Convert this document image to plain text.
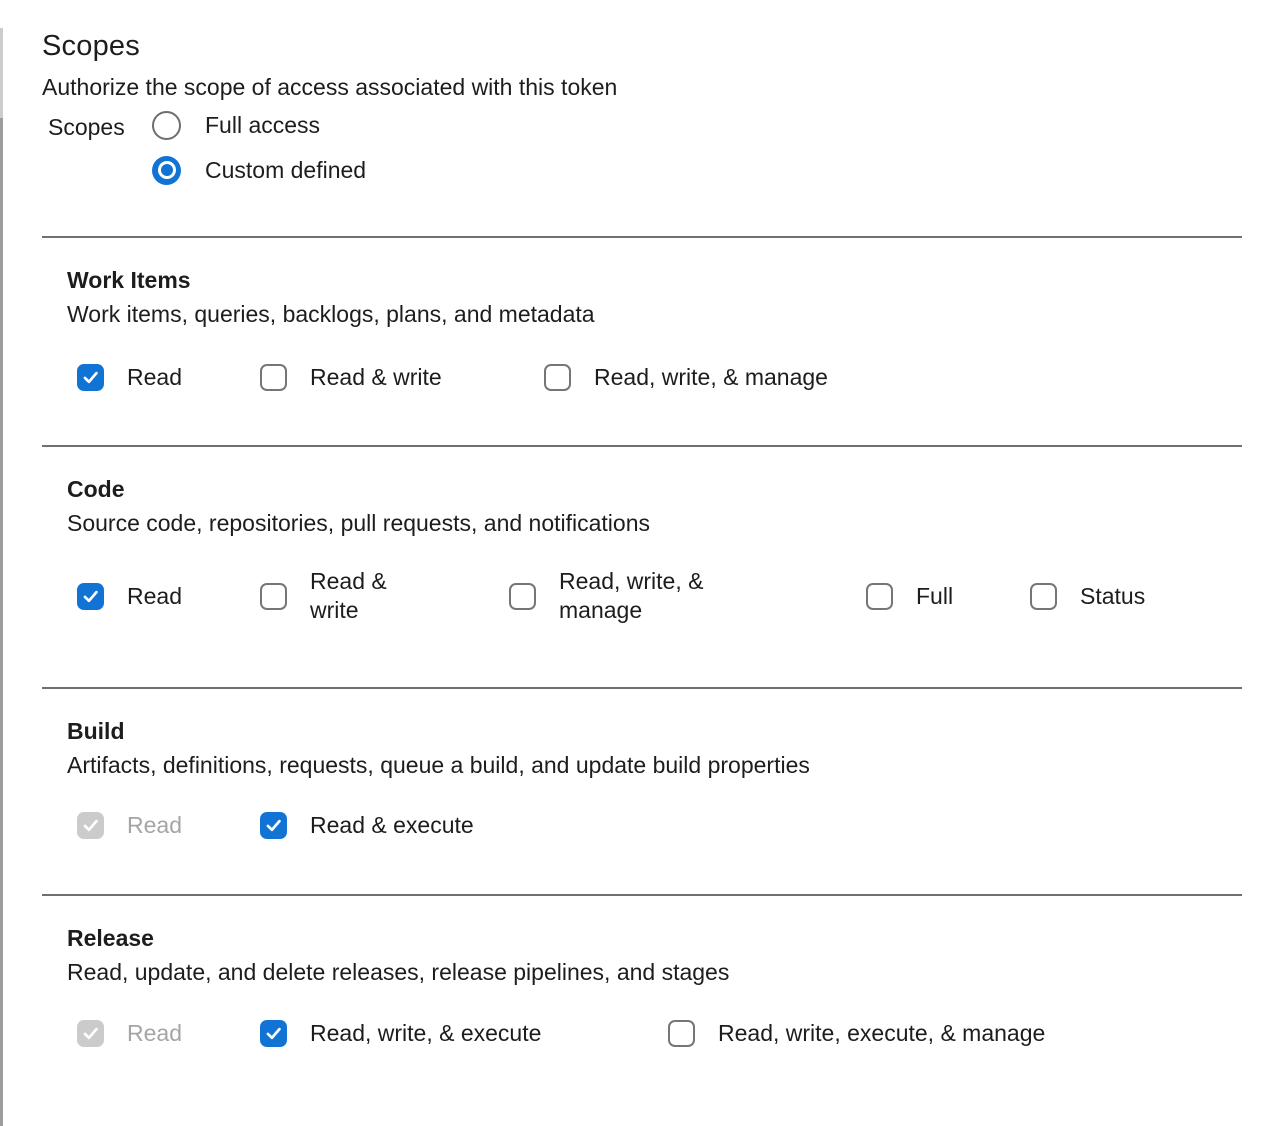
Scopes
Authorize the scope of access associated with this token
Scopes	Full access
Custom defined
Work Items
Work items, queries, backlogs, plans, and metadata
Read	Read & write	Read, write, & manage
Code
Source code, repositories, pull requests, and notifications
Read
Read & write
Read, write, & manage
Full	Status
Build
Artifacts, definitions, requests, queue a build, and update build properties
Read	Read & execute
Release
Read, update, and delete releases, release pipelines, and stages
Read	Read, write, & execute	Read, write, execute, & manage
